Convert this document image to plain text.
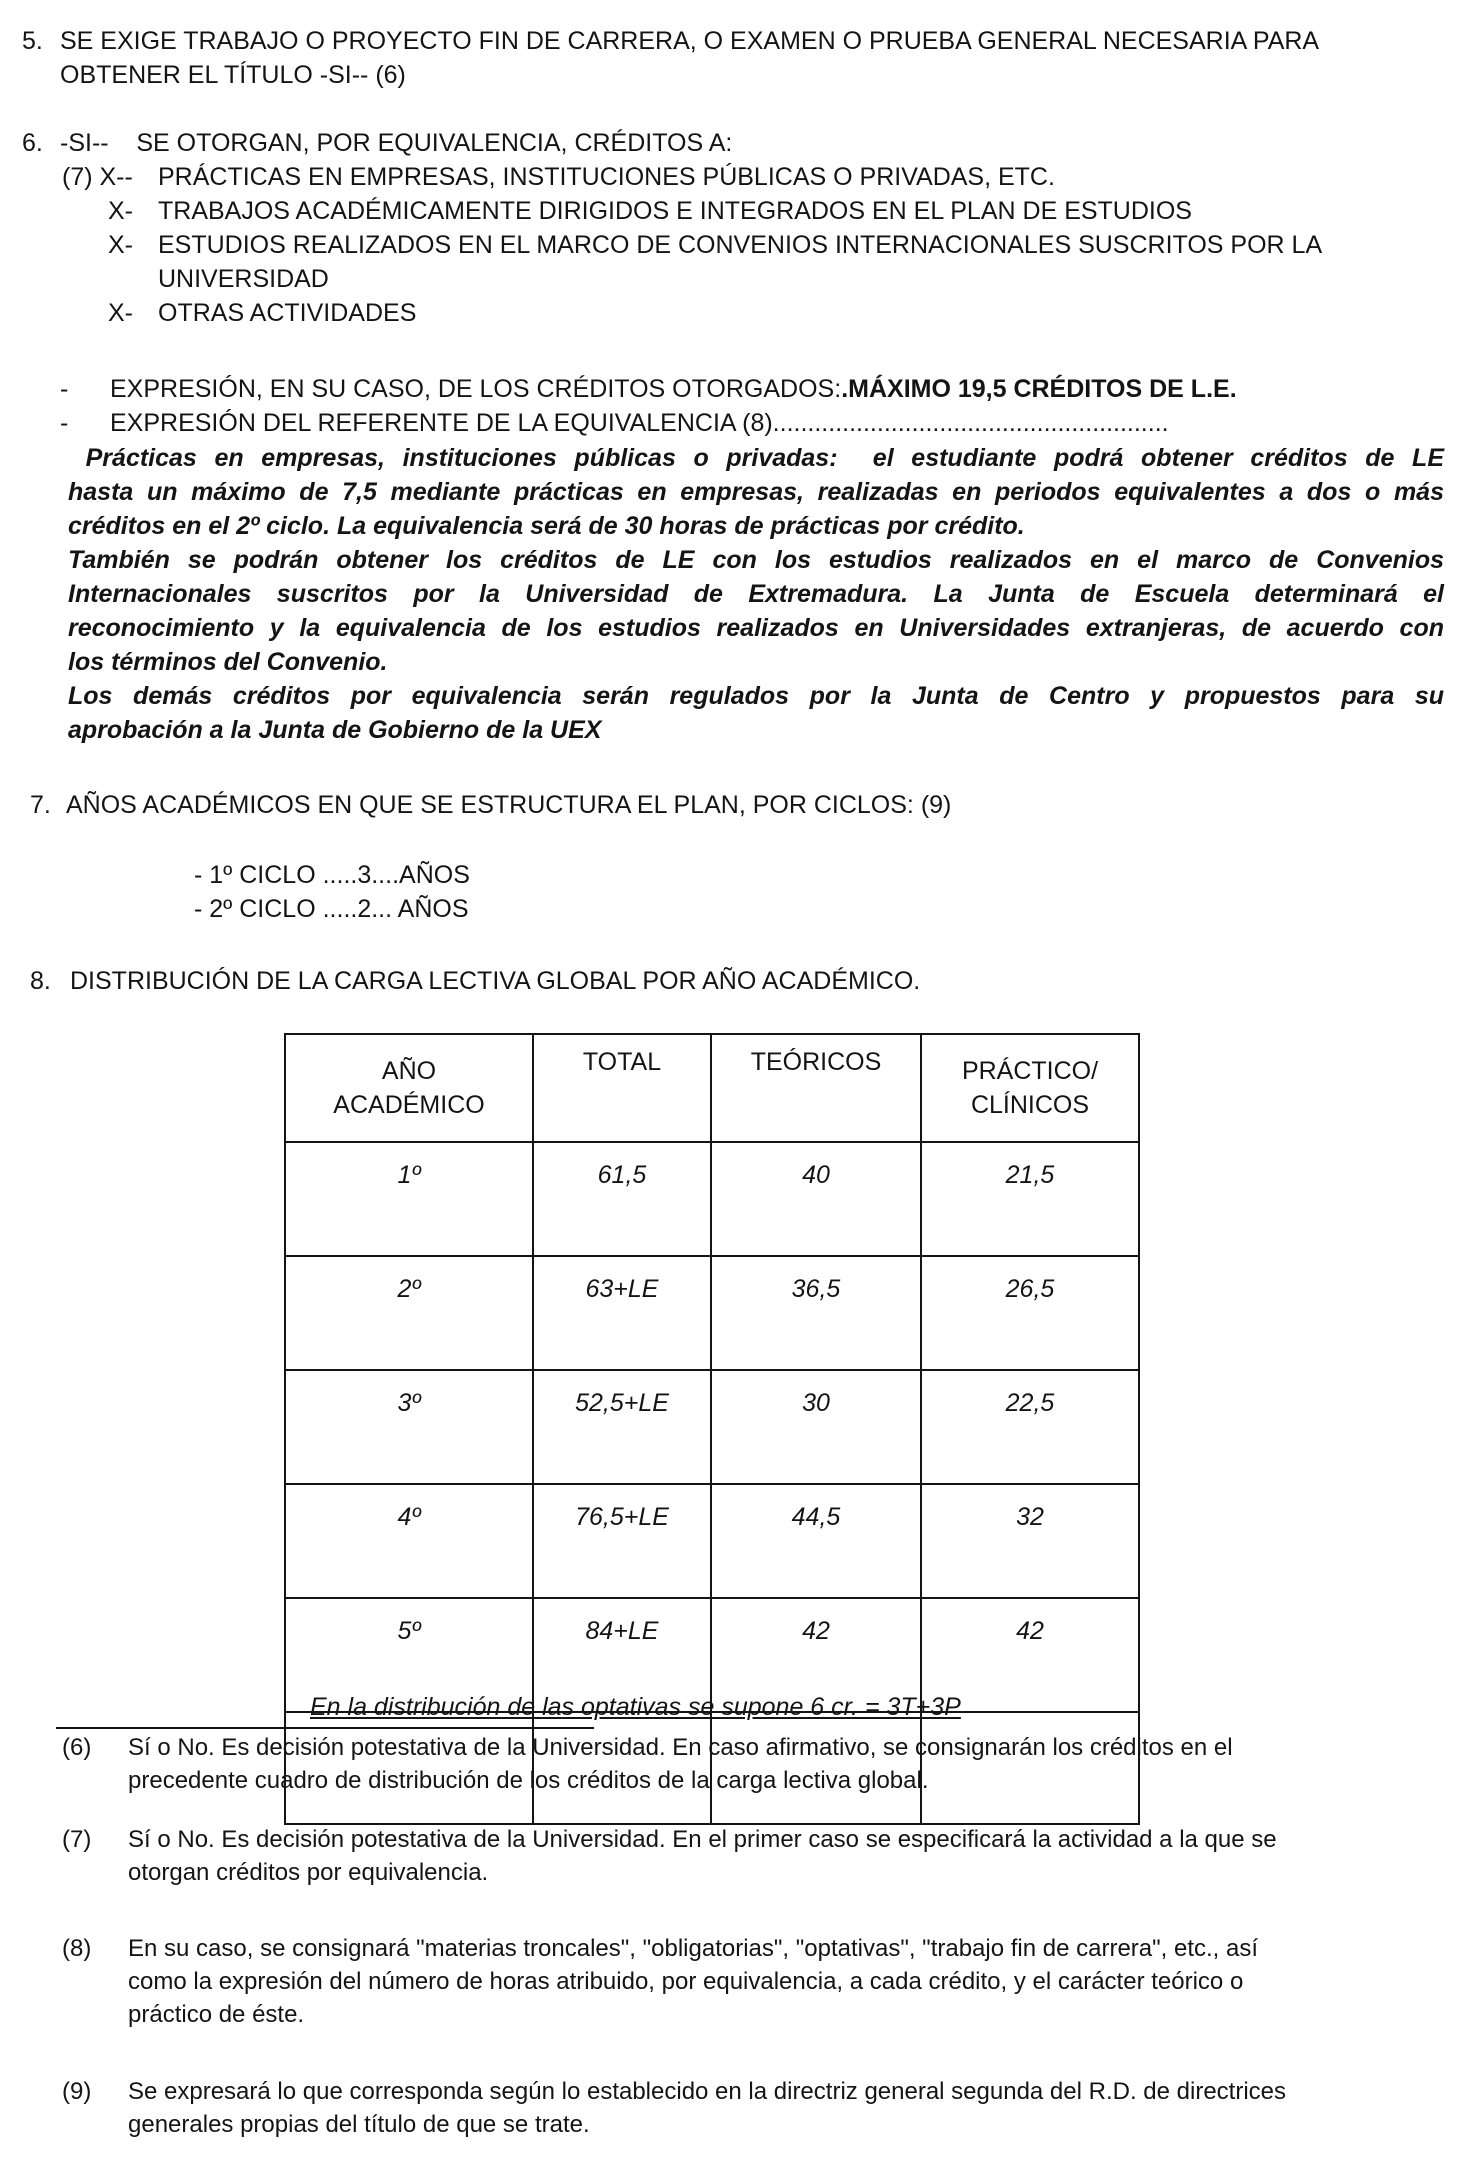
5. SE EXIGE TRABAJO O PROYECTO FIN DE CARRERA, O EXAMEN O PRUEBA GENERAL NECESARIA PARA
OBTENER EL TÍTULO -SI-- (6)
6. -SI--    SE OTORGAN, POR EQUIVALENCIA, CRÉDITOS A:
(7) X-- PRÁCTICAS EN EMPRESAS, INSTITUCIONES PÚBLICAS O PRIVADAS, ETC.
X- TRABAJOS ACADÉMICAMENTE DIRIGIDOS E INTEGRADOS EN EL PLAN DE ESTUDIOS
X- ESTUDIOS REALIZADOS EN EL MARCO DE CONVENIOS INTERNACIONALES SUSCRITOS POR LA
UNIVERSIDAD
X- OTRAS ACTIVIDADES
- EXPRESIÓN, EN SU CASO, DE LOS CRÉDITOS OTORGADOS:.MÁXIMO 19,5 CRÉDITOS DE L.E.
- EXPRESIÓN DEL REFERENTE DE LA EQUIVALENCIA (8).........................................................
Prácticas en empresas, instituciones públicas o privadas:  el estudiante podrá obtener créditos de LE
hasta un máximo de 7,5 mediante prácticas en empresas, realizadas en periodos equivalentes a dos o más
créditos en el 2º ciclo. La equivalencia será de 30 horas de prácticas por crédito.
También se podrán obtener los créditos de LE con los estudios realizados en el marco de Convenios
Internacionales suscritos por la Universidad de Extremadura. La Junta de Escuela determinará el
reconocimiento y la equivalencia de los estudios realizados en Universidades extranjeras, de acuerdo con
los términos del Convenio.
Los demás créditos por equivalencia serán regulados por la Junta de Centro y propuestos para su
aprobación a la Junta de Gobierno de la UEX
7. AÑOS ACADÉMICOS EN QUE SE ESTRUCTURA EL PLAN, POR CICLOS: (9)
- 1º CICLO .....3....AÑOS
- 2º CICLO .....2... AÑOS
8. DISTRIBUCIÓN DE LA CARGA LECTIVA GLOBAL POR AÑO ACADÉMICO.
AÑO
ACADÉMICO	TOTAL	TEÓRICOS	PRÁCTICO/
CLÍNICOS
1º	61,5	40	21,5
2º	63+LE	36,5	26,5
3º	52,5+LE	30	22,5
4º	76,5+LE	44,5	32
5º	84+LE	42	42

En la distribución de las optativas se supone 6 cr. = 3T+3P
(6) Sí o No. Es decisión potestativa de la Universidad. En caso afirmativo, se consignarán los créditos en el
precedente cuadro de distribución de los créditos de la carga lectiva global.
(7) Sí o No. Es decisión potestativa de la Universidad. En el primer caso se especificará la actividad a la que se
otorgan créditos por equivalencia.
(8) En su caso, se consignará "materias troncales", "obligatorias", "optativas", "trabajo fin de carrera", etc., así
como la expresión del número de horas atribuido, por equivalencia, a cada crédito, y el carácter teórico o
práctico de éste.
(9) Se expresará lo que corresponda según lo establecido en la directriz general segunda del R.D. de directrices
generales propias del título de que se trate.
